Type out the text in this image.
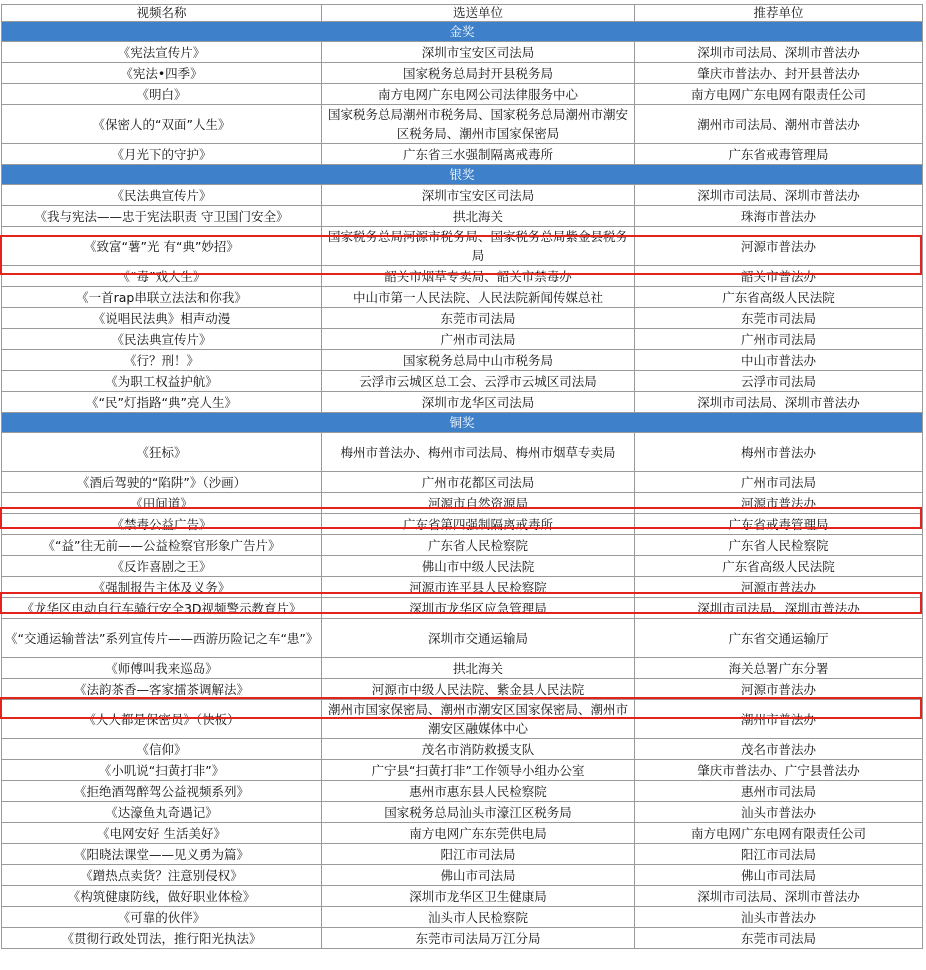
视频名称	选送单位	推荐单位
金奖		
《宪法宣传片》	深圳市宝安区司法局	深圳市司法局、深圳市普法办
《宪法•四季》	国家税务总局封开县税务局	肇庆市普法办、封开县普法办
《明白》	南方电网广东电网公司法律服务中心	南方电网广东电网有限责任公司
《保密人的“双面”人生》	国家税务总局潮州市税务局、国家税务总局潮州市潮安区税务局、潮州市国家保密局	潮州市司法局、潮州市普法办
《月光下的守护》	广东省三水强制隔离戒毒所	广东省戒毒管理局
银奖		
《民法典宣传片》	深圳市宝安区司法局	深圳市司法局、深圳市普法办
《我与宪法——忠于宪法职责 守卫国门安全》	拱北海关	珠海市普法办
《致富“薯”光 有“典”妙招》	国家税务总局河源市税务局、国家税务总局紫金县税务局	河源市普法办
《“毒”戏人生》	韶关市烟草专卖局、韶关市禁毒办	韶关市普法办
《一首rap串联立法法和你我》	中山市第一人民法院、人民法院新闻传媒总社	广东省高级人民法院
《说唱民法典》相声动漫	东莞市司法局	东莞市司法局
《民法典宣传片》	广州市司法局	广州市司法局
《行？刑！》	国家税务总局中山市税务局	中山市普法办
《为职工权益护航》	云浮市云城区总工会、云浮市云城区司法局	云浮市司法局
《“民”灯指路“典”亮人生》	深圳市龙华区司法局	深圳市司法局、深圳市普法办
铜奖		
《狂标》	梅州市普法办、梅州市司法局、梅州市烟草专卖局	梅州市普法办
《酒后驾驶的“陷阱”》（沙画）	广州市花都区司法局	广州市司法局
《田间道》	河源市自然资源局	河源市普法办
《禁毒公益广告》	广东省第四强制隔离戒毒所	广东省戒毒管理局
《“益”往无前——公益检察官形象广告片》	广东省人民检察院	广东省人民检察院
《反诈喜剧之王》	佛山市中级人民法院	广东省高级人民法院
《强制报告主体及义务》	河源市连平县人民检察院	河源市普法办
《龙华区电动自行车骑行安全3D视频警示教育片》	深圳市龙华区应急管理局	深圳市司法局、深圳市普法办
《“交通运输普法”系列宣传片——西游历险记之车“患”》	深圳市交通运输局	广东省交通运输厅
《师傅叫我来巡岛》	拱北海关	海关总署广东分署
《法韵茶香—客家擂茶调解法》	河源市中级人民法院、紫金县人民法院	河源市普法办
《人人都是保密员》（快板）	潮州市国家保密局、潮州市潮安区国家保密局、潮州市潮安区融媒体中心	潮州市普法办
《信仰》	茂名市消防救援支队	茂名市普法办
《小叽说“扫黄打非”》	广宁县“扫黄打非”工作领导小组办公室	肇庆市普法办、广宁县普法办
《拒绝酒驾醉驾公益视频系列》	惠州市惠东县人民检察院	惠州市司法局
《达濠鱼丸奇遇记》	国家税务总局汕头市濠江区税务局	汕头市普法办
《电网安好 生活美好》	南方电网广东东莞供电局	南方电网广东电网有限责任公司
《阳晓法课堂——见义勇为篇》	阳江市司法局	阳江市司法局
《蹭热点卖货？注意别侵权》	佛山市司法局	佛山市司法局
《构筑健康防线，做好职业体检》	深圳市龙华区卫生健康局	深圳市司法局、深圳市普法办
《可靠的伙伴》	汕头市人民检察院	汕头市普法办
《贯彻行政处罚法，推行阳光执法》	东莞市司法局万江分局	东莞市司法局
